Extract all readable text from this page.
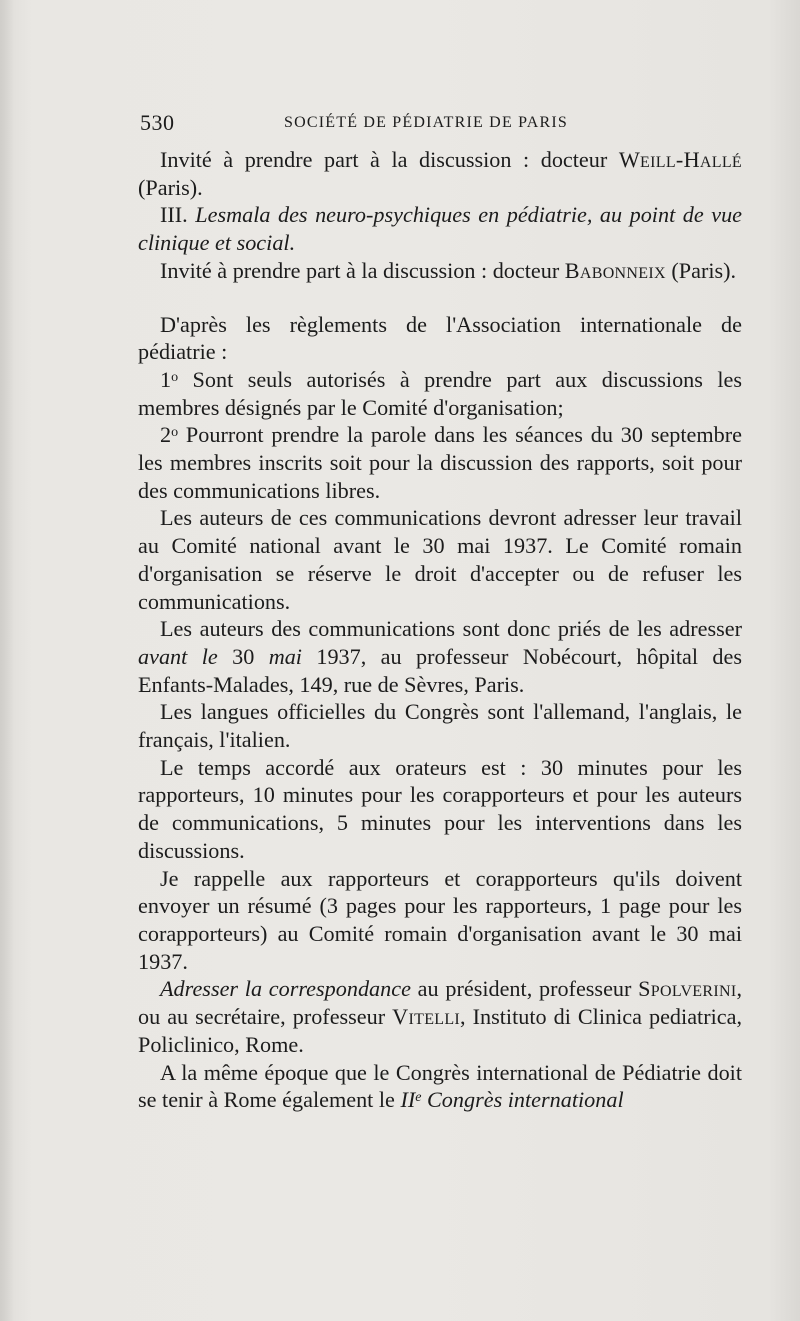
530	SOCIÉTÉ DE PÉDIATRIE DE PARIS

Invité à prendre part à la discussion : docteur Weill-Hallé (Paris).

III. Lesmala des neuro-psychiques en pédiatrie, au point de vue clinique et social.

Invité à prendre part à la discussion : docteur Babonneix (Paris).

D'après les règlements de l'Association internationale de pédiatrie :

1$^o$ Sont seuls autorisés à prendre part aux discussions les membres désignés par le Comité d'organisation;

2$^o$ Pourront prendre la parole dans les séances du 30 septembre les membres inscrits soit pour la discussion des rapports, soit pour des communications libres.

Les auteurs de ces communications devront adresser leur travail au Comité national avant le 30 mai 1937. Le Comité romain d'organisation se réserve le droit d'accepter ou de refuser les communications.

Les auteurs des communications sont donc priés de les adresser avant le 30 mai 1937, au professeur Nobécourt, hôpital des Enfants-Malades, 149, rue de Sèvres, Paris.

Les langues officielles du Congrès sont l'allemand, l'anglais, le français, l'italien.

Le temps accordé aux orateurs est : 30 minutes pour les rapporteurs, 10 minutes pour les corapporteurs et pour les auteurs de communications, 5 minutes pour les interventions dans les discussions.

Je rappelle aux rapporteurs et corapporteurs qu'ils doivent envoyer un résumé (3 pages pour les rapporteurs, 1 page pour les corapporteurs) au Comité romain d'organisation avant le 30 mai 1937.

Adresser la correspondance au président, professeur Spolverini, ou au secrétaire, professeur Vitelli, Instituto di Clinica pediatrica, Policlinico, Rome.

A la même époque que le Congrès international de Pédiatrie doit se tenir à Rome également le IIe Congrès international
